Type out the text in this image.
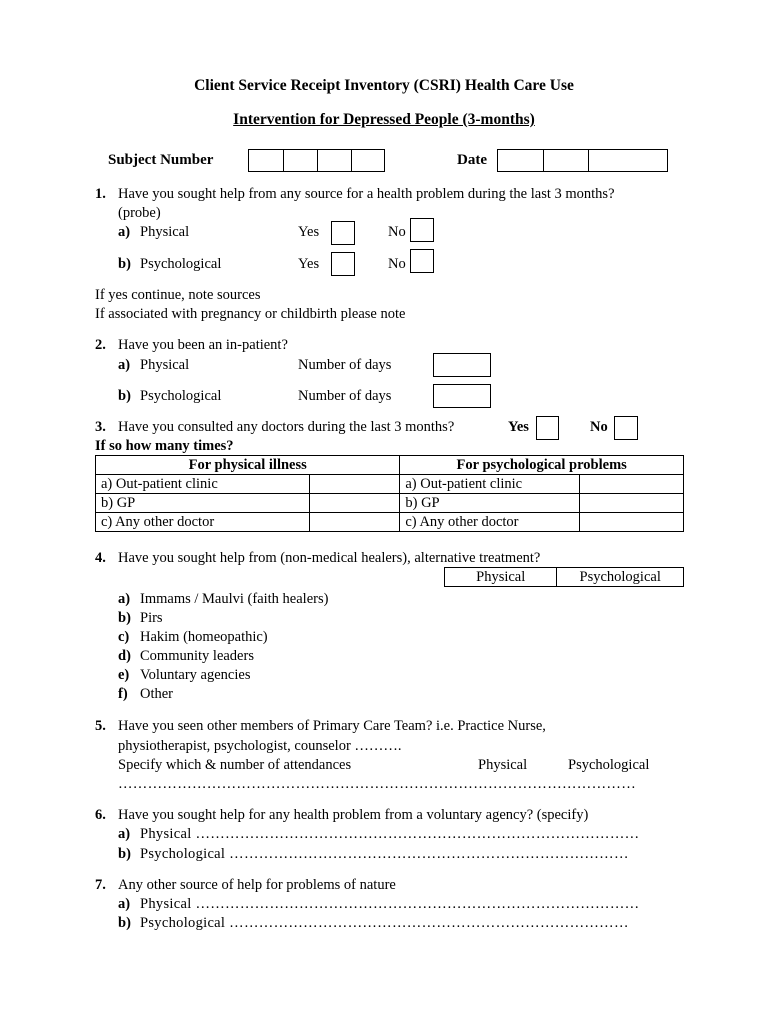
Client Service Receipt Inventory (CSRI) Health Care Use
Intervention for Depressed People (3-months)
Subject Number	Date
1. Have you sought help from any source for a health problem during the last 3 months?
(probe)
a) Physical	Yes	No
b) Psychological	Yes	No
If yes continue, note sources
If associated with pregnancy or childbirth please note
2. Have you been an in-patient?
a) Physical	Number of days
b) Psychological	Number of days
3. Have you consulted any doctors during the last 3 months?	Yes	No
If so how many times?
For physical illness		For psychological problems	
a) Out-patient clinic		a) Out-patient clinic	
b) GP		b) GP	
c) Any other doctor		c) Any other doctor	
4. Have you sought help from (non-medical healers), alternative treatment?
Physical	Psychological
a) Immams / Maulvi (faith healers)
b) Pirs
c) Hakim (homeopathic)
d) Community leaders
e) Voluntary agencies
f) Other
5. Have you seen other members of Primary Care Team? i.e. Practice Nurse,
physiotherapist, psychologist, counselor ……….
Specify which & number of attendances	Physical	Psychological
……………………………………………………………………………………………
6. Have you sought help for any health problem from a voluntary agency? (specify)
a) Physical ………………………………………………………………………………
b) Psychological ………………………………………………………………………
7. Any other source of help for problems of nature
a) Physical ………………………………………………………………………………
b) Psychological ………………………………………………………………………
